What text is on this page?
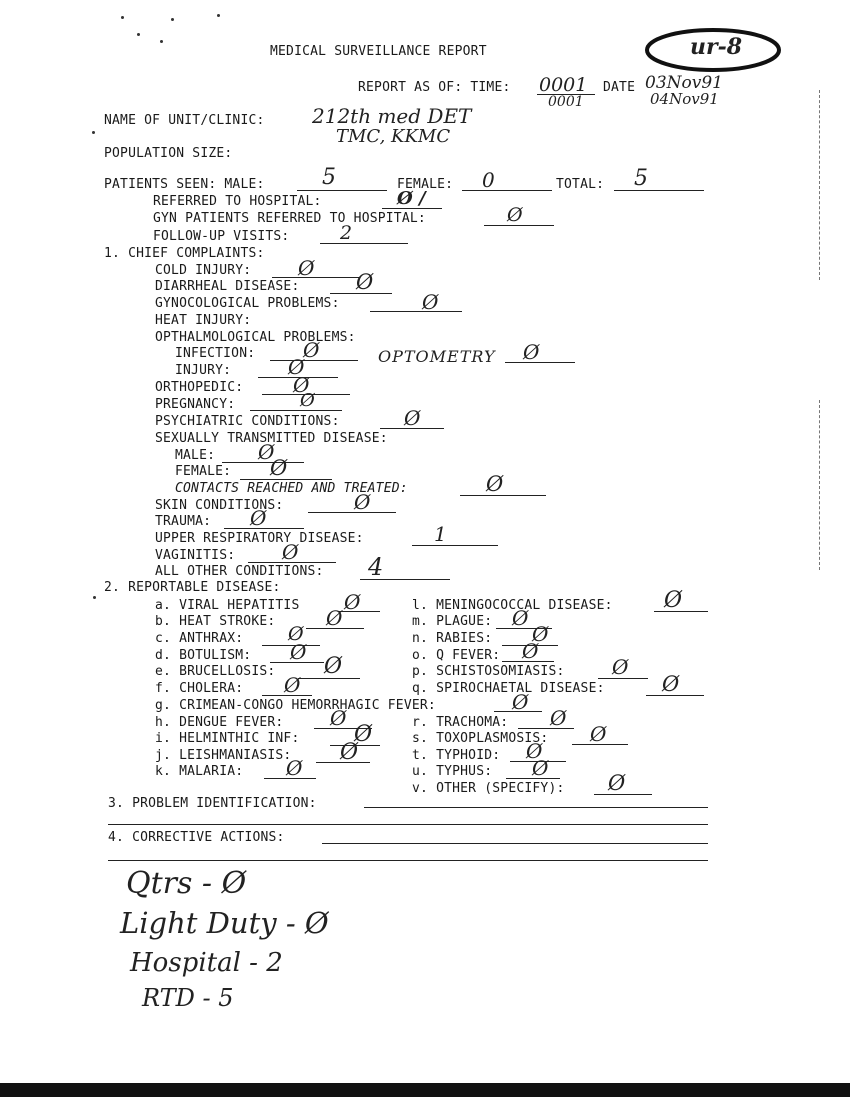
MEDICAL SURVEILLANCE REPORT	ur-8
REPORT AS OF: TIME: 0001 DATE 03Nov91
0001	04Nov91
NAME OF UNIT/CLINIC: 212th med DET
TMC, KKMC
POPULATION SIZE:
PATIENTS SEEN: MALE:	5	FEMALE: 0	TOTAL: 5
REFERRED TO HOSPITAL:	Ø /
GYN PATIENTS REFERRED TO HOSPITAL:	Ø
FOLLOW-UP VISITS:	2
1. CHIEF COMPLAINTS:
COLD INJURY: Ø
DIARRHEAL DISEASE:	Ø
GYNOCOLOGICAL PROBLEMS:	Ø
HEAT INJURY:
OPTHALMOLOGICAL PROBLEMS:
INFECTION: Ø	OPTOMETRY Ø
INJURY:	Ø
ORTHOPEDIC: Ø
PREGNANCY:	Ø
PSYCHIATRIC CONDITIONS:	Ø
SEXUALLY TRANSMITTED DISEASE:
MALE: Ø
FEMALE: Ø
CONTACTS REACHED AND TREATED:	Ø
SKIN CONDITIONS:	Ø
TRAUMA: Ø
UPPER RESPIRATORY DISEASE:	1
VAGINITIS: Ø
ALL OTHER CONDITIONS: 4
2. REPORTABLE DISEASE:
a. VIRAL HEPATITIS Ø
b. HEAT STROKE:	Ø
c. ANTHRAX: Ø
d. BOTULISM: Ø
e. BRUCELLOSIS: Ø
f. CHOLERA: Ø
g. CRIMEAN-CONGO HEMORRHAGIC FEVER:	Ø
h. DENGUE FEVER: Ø
i. HELMINTHIC INF: Ø
j. LEISHMANIASIS: Ø
k. MALARIA: Ø
l. MENINGOCOCCAL DISEASE: Ø
m. PLAGUE: Ø
n. RABIES: Ø
o. Q FEVER: Ø
p. SCHISTOSOMIASIS: Ø
q. SPIROCHAETAL DISEASE:	Ø
r. TRACHOMA: Ø
s. TOXOPLASMOSIS: Ø
t. TYPHOID: Ø
u. TYPHUS: Ø
v. OTHER (SPECIFY): Ø
3. PROBLEM IDENTIFICATION:
4. CORRECTIVE ACTIONS:
Qtrs - Ø
Light Duty - Ø
Hospital - 2
RTD - 5
